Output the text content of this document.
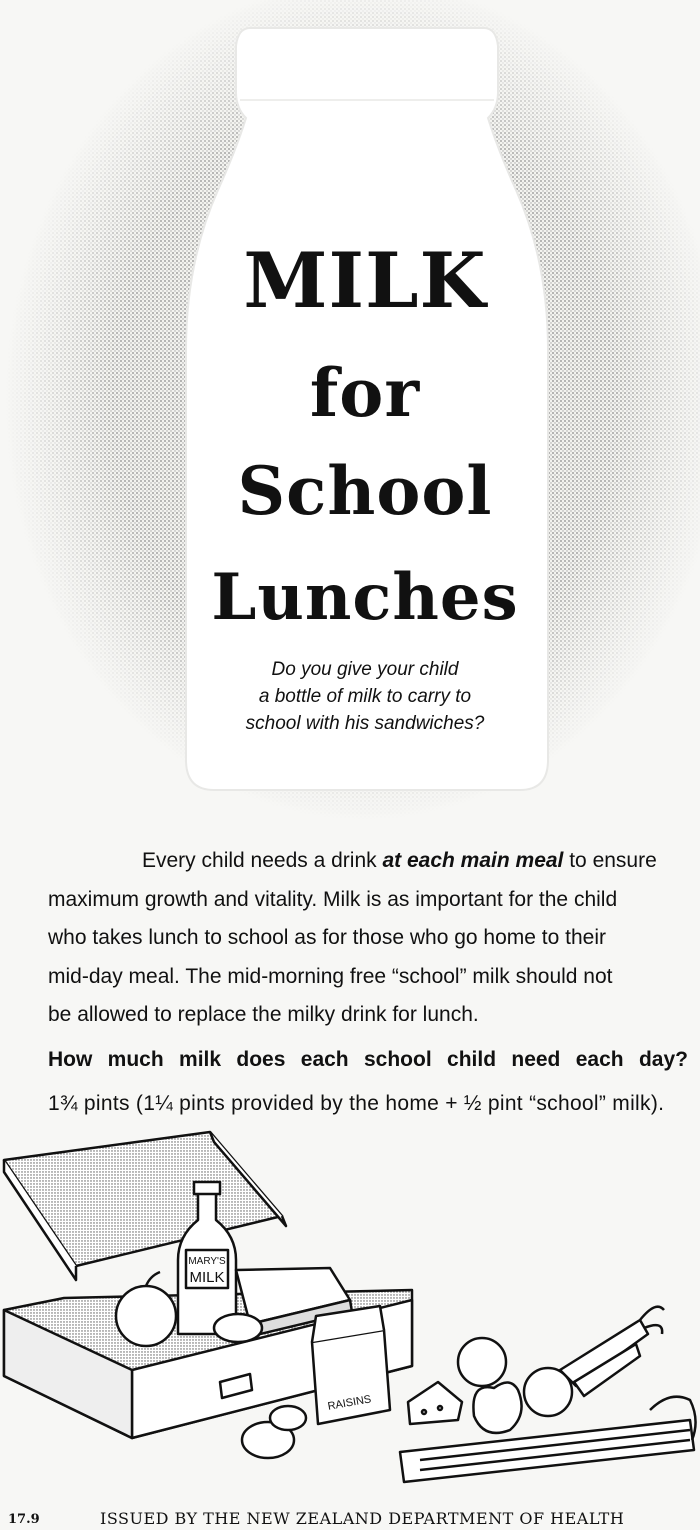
MILK
for
School
Lunches
Do you give your child
a bottle of milk to carry to
school with his sandwiches?
Every child needs a drink at each main meal to ensure
maximum growth and vitality. Milk is as important for the child
who takes lunch to school as for those who go home to their
mid-day meal. The mid-morning free “school” milk should not
be allowed to replace the milky drink for lunch.
How much milk does each school child need each day?
1¾ pints (1¼ pints provided by the home + ½ pint “school” milk).
MARY'S
MILK
RAISINS
17.9	ISSUED BY THE NEW ZEALAND DEPARTMENT OF HEALTH
